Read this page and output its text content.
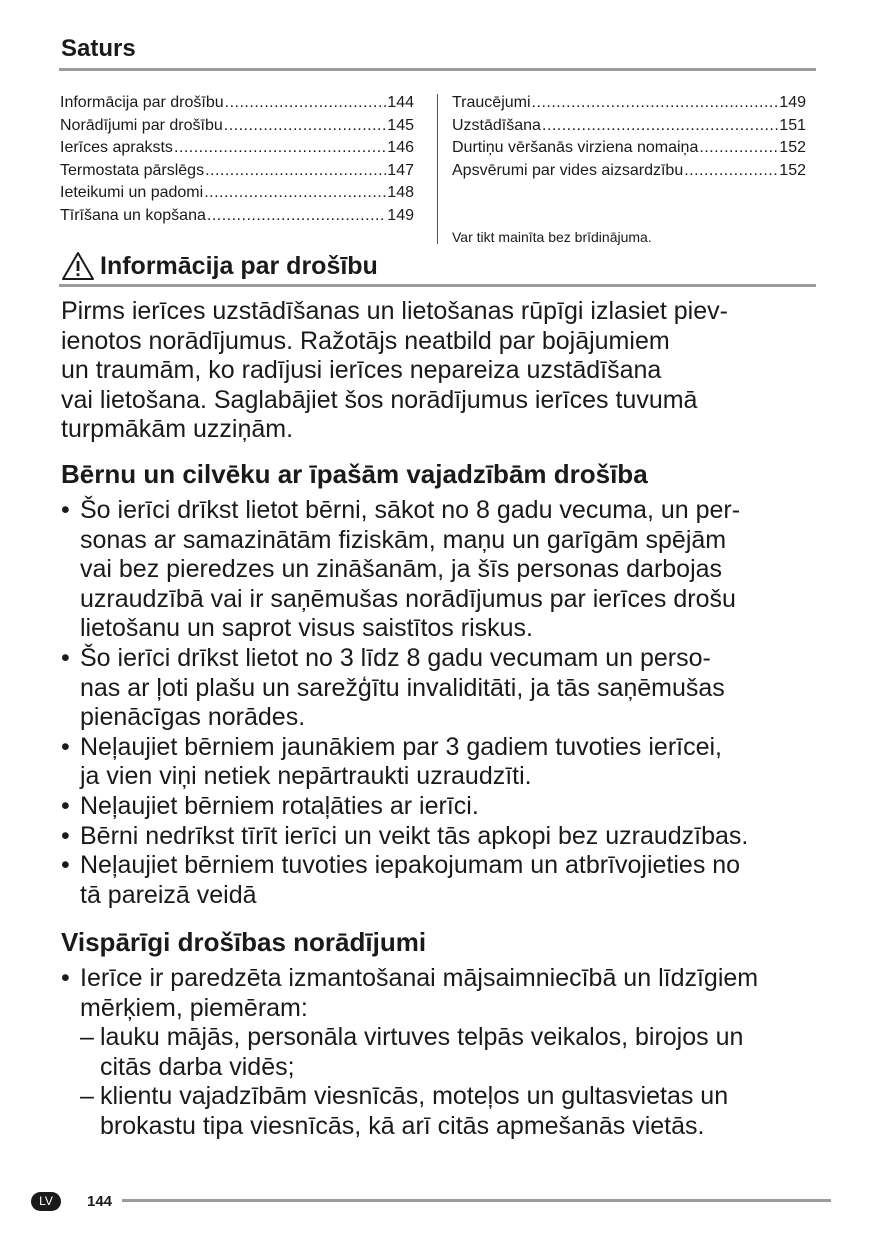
Saturs
Informācija par drošību .....	144
Norādījumi par drošību .....	145
Ierīces apraksts .....	146
Termostata pārslēgs .....	147
Ieteikumi un padomi .....	148
Tīrīšana un kopšana .....	149
Traucējumi .....	149
Uzstādīšana .....	151
Durtiņu vēršanās virziena nomaiņa .....	152
Apsvērumi par vides aizsardzību .....	152
Var tikt mainīta bez brīdinājuma.
Informācija par drošību

Pirms ierīces uzstādīšanas un lietošanas rūpīgi izlasiet piev-
ienotos norādījumus. Ražotājs neatbild par bojājumiem
un traumām, ko radījusi ierīces nepareiza uzstādīšana
vai lietošana. Saglabājiet šos norādījumus ierīces tuvumā
turpmākām uzziņām.

Bērnu un cilvēku ar īpašām vajadzībām drošība
• Šo ierīci drīkst lietot bērni, sākot no 8 gadu vecuma, un per-
sonas ar samazinātām fiziskām, maņu un garīgām spējām
vai bez pieredzes un zināšanām, ja šīs personas darbojas
uzraudzībā vai ir saņēmušas norādījumus par ierīces drošu
lietošanu un saprot visus saistītos riskus.
• Šo ierīci drīkst lietot no 3 līdz 8 gadu vecumam un perso-
nas ar ļoti plašu un sarežģītu invaliditāti, ja tās saņēmušas
pienācīgas norādes.
• Neļaujiet bērniem jaunākiem par 3 gadiem tuvoties ierīcei,
ja vien viņi netiek nepārtraukti uzraudzīti.
• Neļaujiet bērniem rotaļāties ar ierīci.
• Bērni nedrīkst tīrīt ierīci un veikt tās apkopi bez uzraudzības.
• Neļaujiet bērniem tuvoties iepakojumam un atbrīvojieties no
tā pareizā veidā
Vispārīgi drošības norādījumi
• Ierīce ir paredzēta izmantošanai mājsaimniecībā un līdzīgiem
mērķiem, piemēram:
– lauku mājās, personāla virtuves telpās veikalos, birojos un
citās darba vidēs;
– klientu vajadzībām viesnīcās, moteļos un gultasvietas un
brokastu tipa viesnīcās, kā arī citās apmešanās vietās.
LV	144
